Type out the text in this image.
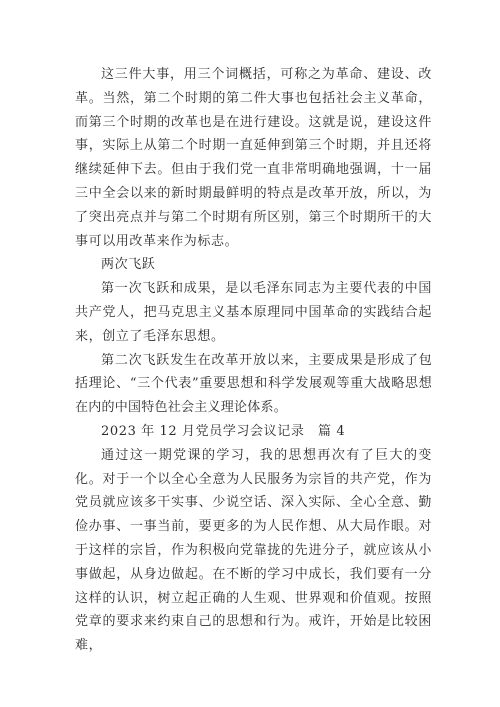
这三件大事，用三个词概括，可称之为革命、建设、改革。当然，第二个时期的第二件大事也包括社会主义革命，而第三个时期的改革也是在进行建设。这就是说，建设这件事，实际上从第二个时期一直延伸到第三个时期，并且还将继续延伸下去。但由于我们党一直非常明确地强调，十一届三中全会以来的新时期最鲜明的特点是改革开放，所以，为了突出亮点并与第二个时期有所区别，第三个时期所干的大事可以用改革来作为标志。

两次飞跃

第一次飞跃和成果，是以毛泽东同志为主要代表的中国共产党人，把马克思主义基本原理同中国革命的实践结合起来，创立了毛泽东思想。

第二次飞跃发生在改革开放以来，主要成果是形成了包括理论、“三个代表”重要思想和科学发展观等重大战略思想在内的中国特色社会主义理论体系。

2023 年 12 月党员学习会议记录　篇 4

通过这一期党课的学习，我的思想再次有了巨大的变化。对于一个以全心全意为人民服务为宗旨的共产党，作为党员就应该多干实事、少说空话、深入实际、全心全意、勤俭办事、一事当前，要更多的为人民作想、从大局作眼。对于这样的宗旨，作为积极向党靠拢的先进分子，就应该从小事做起，从身边做起。在不断的学习中成长，我们要有一分这样的认识，树立起正确的人生观、世界观和价值观。按照党章的要求来约束自己的思想和行为。戒许，开始是比较困难，
